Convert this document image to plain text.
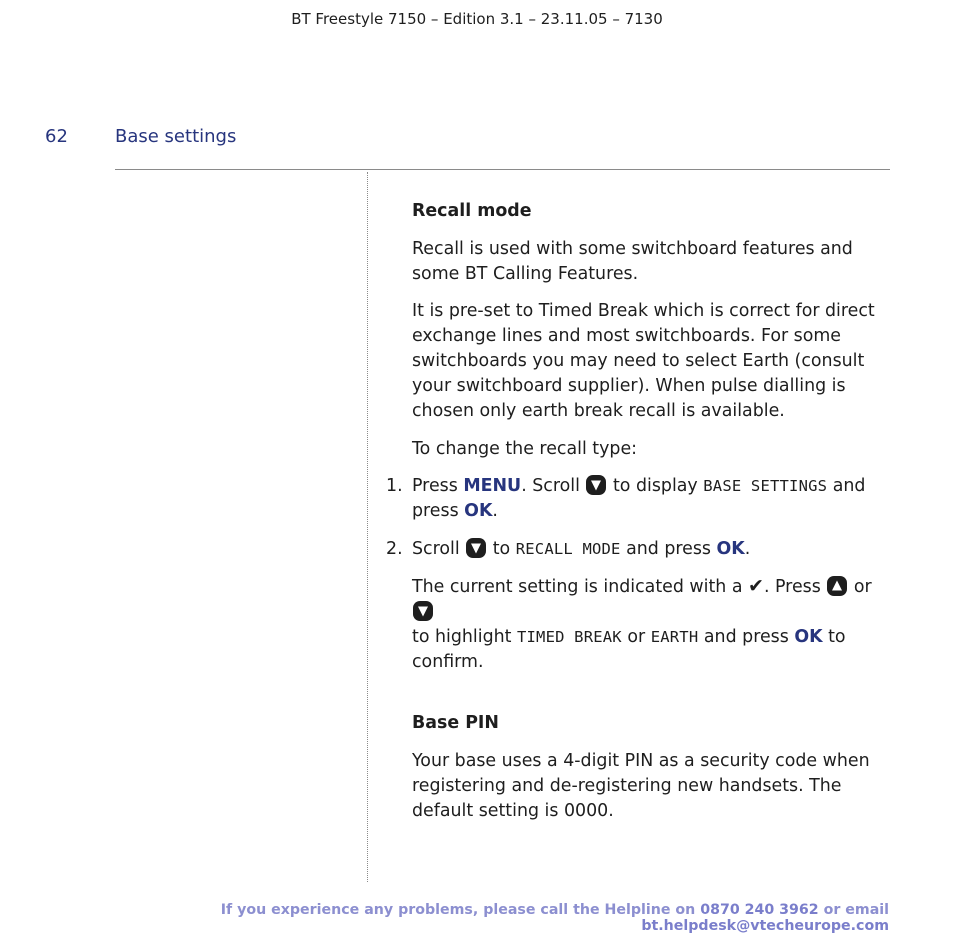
BT Freestyle 7150 – Edition 3.1 – 23.11.05 – 7130
62	Base settings
Recall mode

Recall is used with some switchboard features and some BT Calling Features.

It is pre-set to Timed Break which is correct for direct exchange lines and most switchboards. For some switchboards you may need to select Earth (consult your switchboard supplier). When pulse dialling is chosen only earth break recall is available.

To change the recall type:

1. Press MENU. Scroll  to display BASE SETTINGS and press OK.

2. Scroll  to RECALL MODE and press OK.

The current setting is indicated with a ✔. Press  or
to highlight TIMED BREAK or EARTH and press OK to confirm.

Base PIN

Your base uses a 4-digit PIN as a security code when registering and de-registering new handsets. The default setting is 0000.

If you experience any problems, please call the Helpline on 0870 240 3962 or email bt.helpdesk@vtecheurope.com
